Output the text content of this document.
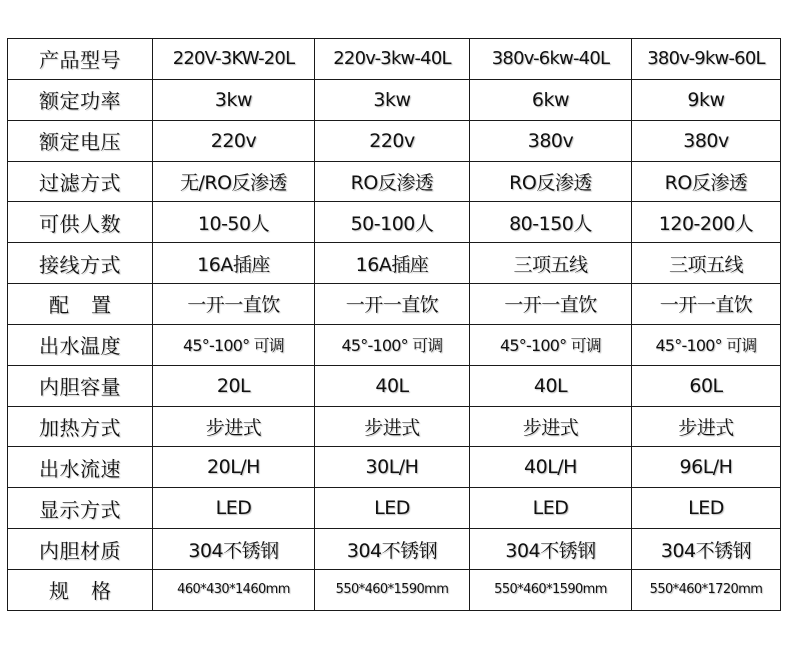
产品型号	220V-3KW-20L	220v-3kw-40L	380v-6kw-40L	380v-9kw-60L
额定功率	3kw	3kw	6kw	9kw
额定电压	220v	220v	380v	380v
过滤方式	无/RO反渗透	RO反渗透	RO反渗透	RO反渗透
可供人数	10-50人	50-100人	80-150人	120-200人
接线方式	16A插座	16A插座	三项五线	三项五线
配置	一开一直饮	一开一直饮	一开一直饮	一开一直饮
出水温度	45°-100° 可调	45°-100° 可调	45°-100° 可调	45°-100° 可调
内胆容量	20L	40L	40L	60L
加热方式	步进式	步进式	步进式	步进式
出水流速	20L/H	30L/H	40L/H	96L/H
显示方式	LED	LED	LED	LED
内胆材质	304不锈钢	304不锈钢	304不锈钢	304不锈钢
规格	460*430*1460mm	550*460*1590mm	550*460*1590mm	550*460*1720mm
